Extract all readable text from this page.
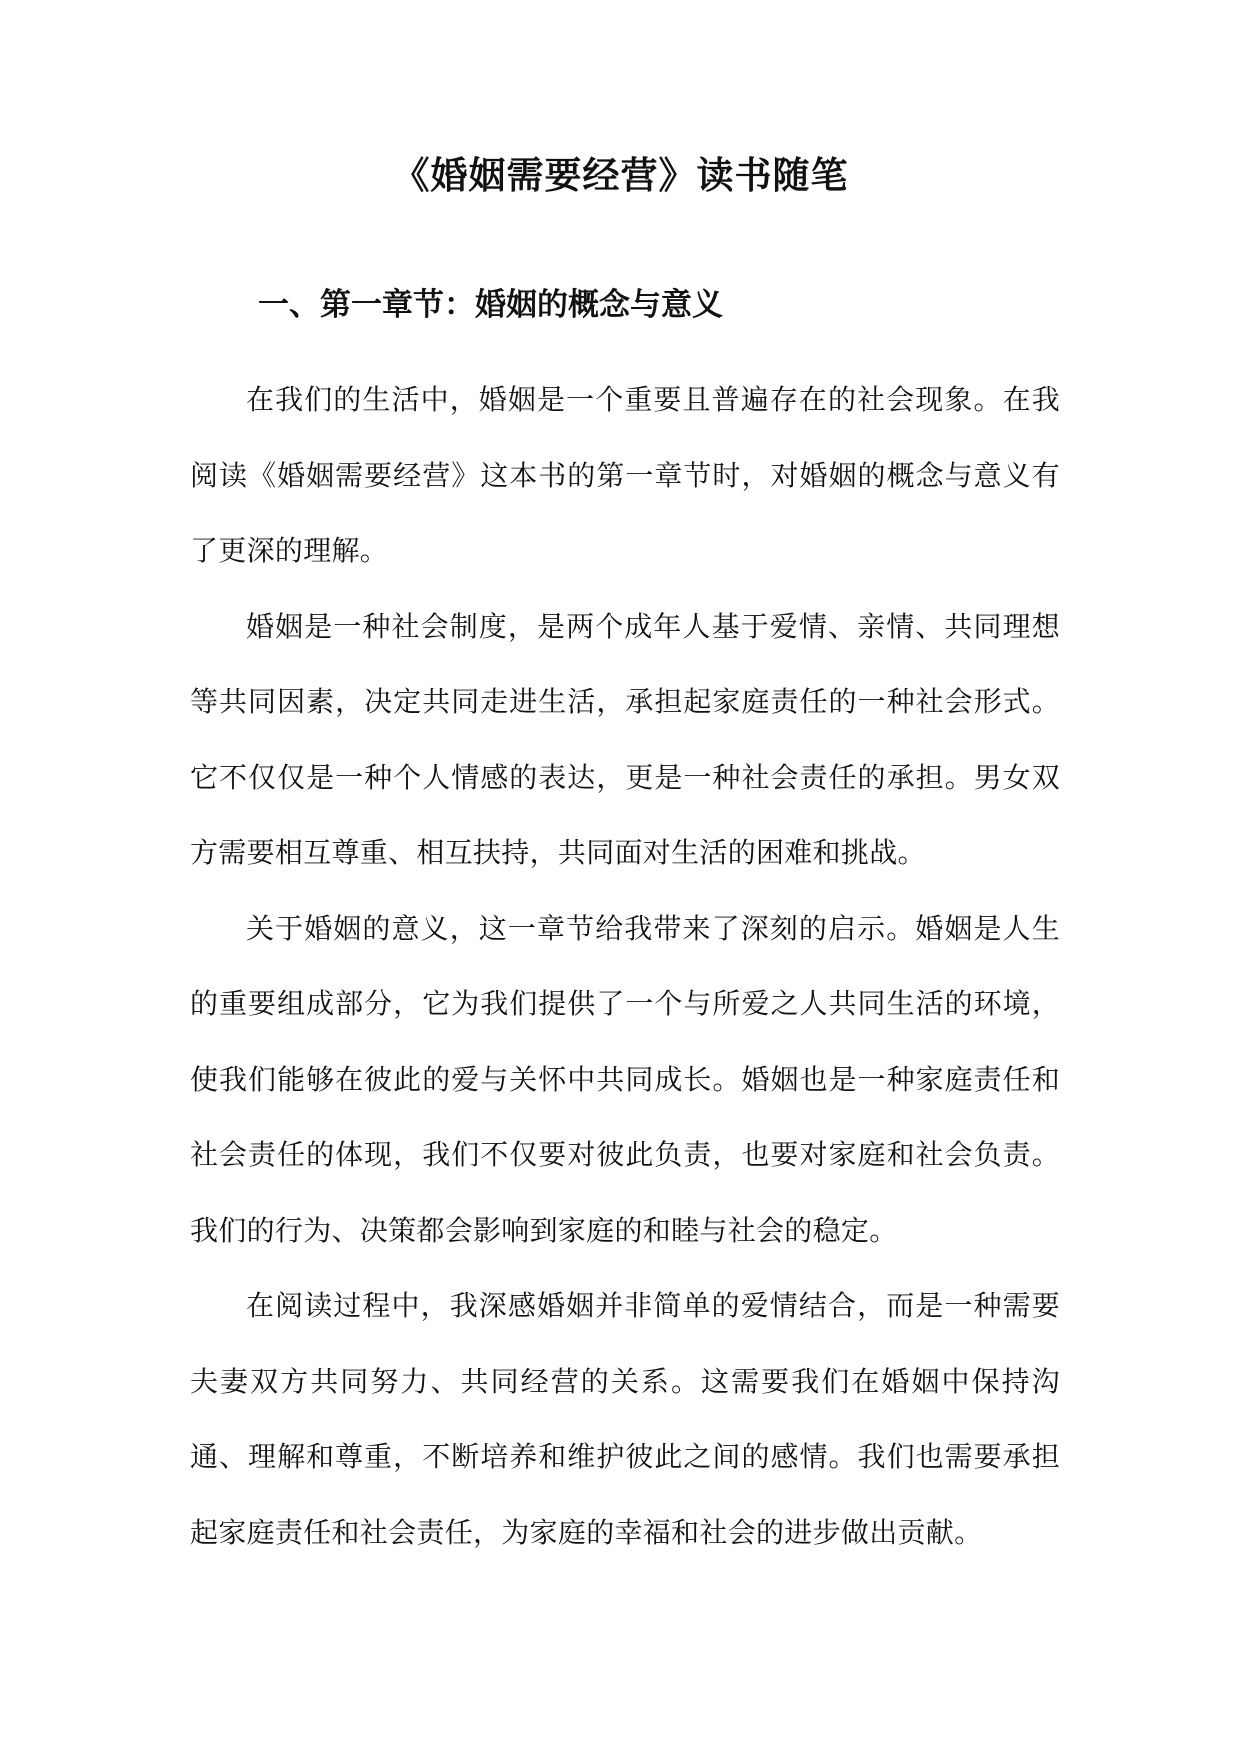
《婚姻需要经营》读书随笔
一、第一章节：婚姻的概念与意义

在我们的生活中，婚姻是一个重要且普遍存在的社会现象。在我阅读《婚姻需要经营》这本书的第一章节时，对婚姻的概念与意义有了更深的理解。

婚姻是一种社会制度，是两个成年人基于爱情、亲情、共同理想等共同因素，决定共同走进生活，承担起家庭责任的一种社会形式。它不仅仅是一种个人情感的表达，更是一种社会责任的承担。男女双方需要相互尊重、相互扶持，共同面对生活的困难和挑战。

关于婚姻的意义，这一章节给我带来了深刻的启示。婚姻是人生的重要组成部分，它为我们提供了一个与所爱之人共同生活的环境，使我们能够在彼此的爱与关怀中共同成长。婚姻也是一种家庭责任和社会责任的体现，我们不仅要对彼此负责，也要对家庭和社会负责。我们的行为、决策都会影响到家庭的和睦与社会的稳定。

在阅读过程中，我深感婚姻并非简单的爱情结合，而是一种需要夫妻双方共同努力、共同经营的关系。这需要我们在婚姻中保持沟通、理解和尊重，不断培养和维护彼此之间的感情。我们也需要承担起家庭责任和社会责任，为家庭的幸福和社会的进步做出贡献。
